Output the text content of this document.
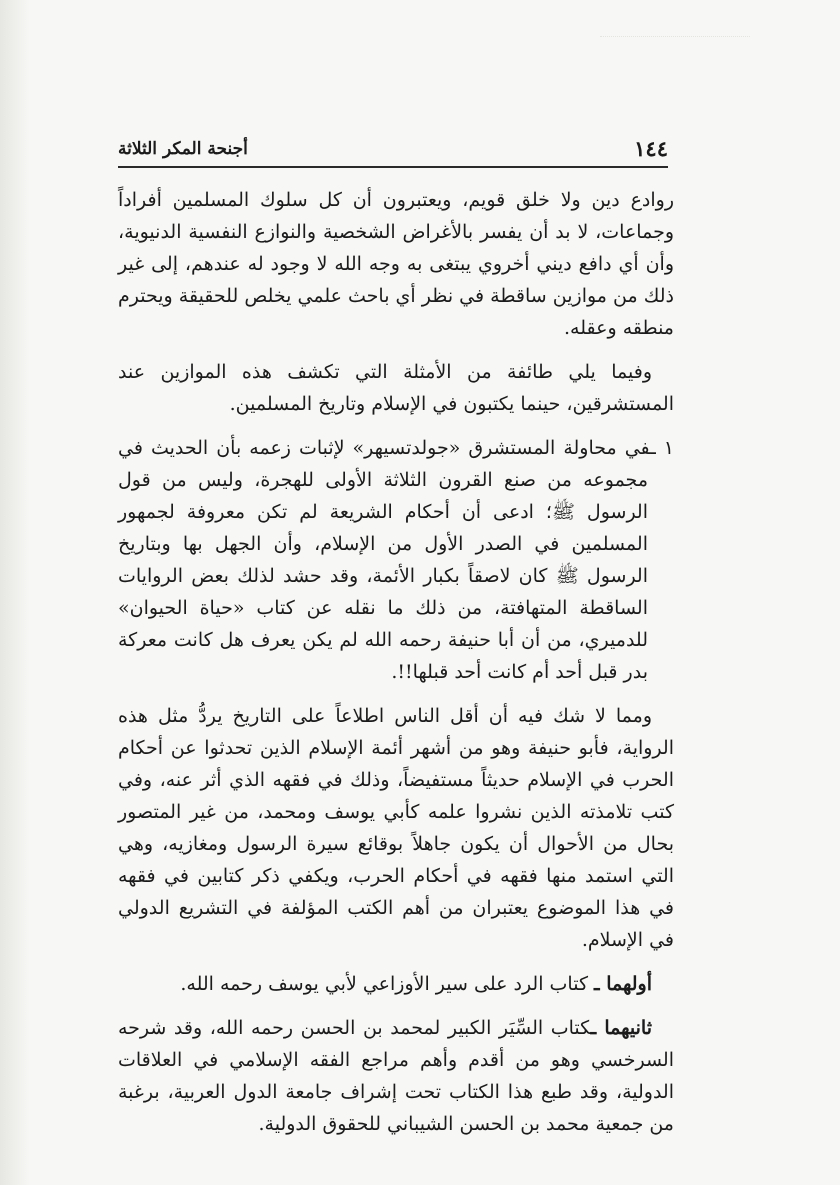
١٤٤
أجنحة المكر الثلاثة

روادع دين ولا خلق قويم، ويعتبرون أن كل سلوك المسلمين أفراداً وجماعات، لا بد أن يفسر بالأغراض الشخصية والنوازع النفسية الدنيوية، وأن أي دافع ديني أخروي يبتغى به وجه الله لا وجود له عندهم، إلى غير ذلك من موازين ساقطة في نظر أي باحث علمي يخلص للحقيقة ويحترم منطقه وعقله.

وفيما يلي طائفة من الأمثلة التي تكشف هذه الموازين عند المستشرقين، حينما يكتبون في الإسلام وتاريخ المسلمين.

١ ـفي محاولة المستشرق «جولدتسيهر» لإثبات زعمه بأن الحديث في مجموعه من صنع القرون الثلاثة الأولى للهجرة، وليس من قول الرسول ﷺ؛ ادعى أن أحكام الشريعة لم تكن معروفة لجمهور المسلمين في الصدر الأول من الإسلام، وأن الجهل بها وبتاريخ الرسول ﷺ كان لاصقاً بكبار الأئمة، وقد حشد لذلك بعض الروايات الساقطة المتهافتة، من ذلك ما نقله عن كتاب «حياة الحيوان» للدميري، من أن أبا حنيفة رحمه الله لم يكن يعرف هل كانت معركة بدر قبل أحد أم كانت أحد قبلها!!.

ومما لا شك فيه أن أقل الناس اطلاعاً على التاريخ يردُّ مثل هذه الرواية، فأبو حنيفة وهو من أشهر أئمة الإسلام الذين تحدثوا عن أحكام الحرب في الإسلام حديثاً مستفيضاً، وذلك في فقهه الذي أثر عنه، وفي كتب تلامذته الذين نشروا علمه كأبي يوسف ومحمد، من غير المتصور بحال من الأحوال أن يكون جاهلاً بوقائع سيرة الرسول ومغازيه، وهي التي استمد منها فقهه في أحكام الحرب، ويكفي ذكر كتابين في فقهه في هذا الموضوع يعتبران من أهم الكتب المؤلفة في التشريع الدولي في الإسلام.

أولهما ـ كتاب الرد على سير الأوزاعي لأبي يوسف رحمه الله.

ثانيهما ـكتاب السِّيَر الكبير لمحمد بن الحسن رحمه الله، وقد شرحه السرخسي وهو من أقدم وأهم مراجع الفقه الإسلامي في العلاقات الدولية، وقد طبع هذا الكتاب تحت إشراف جامعة الدول العربية، برغبة من جمعية محمد بن الحسن الشيباني للحقوق الدولية.
